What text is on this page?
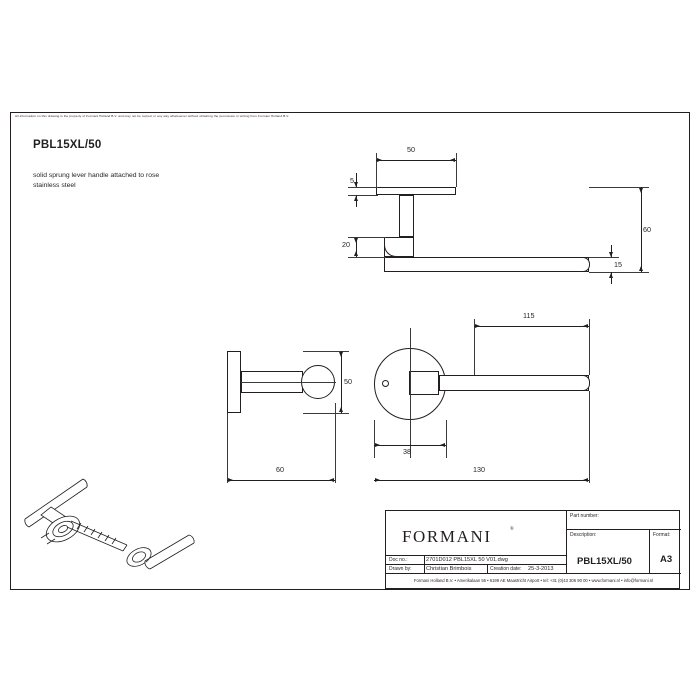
All information on this drawing is the property of Formani Holland B.V. and may not be copied, in any way whatsoever without obtaining the permission in writing from Formani Holland B.V.
PBL15XL/50
solid sprung lever handle attached to rose
stainless steel
50
5
20
60
15
50
115
38
60	130
FORMANI	®
Part number:
Description:
PBL15XL/50
Format:
A3
Doc no.:	2701D012 PBL15XL 50 V01.dwg
Drawn by:	Christian Brimbois	Creation date: 25-3-2013
Formani Holland B.V. • Amerikalaan 55 • 6199 AE Maastricht Airport • tel: +31 (0)43 306 90 00 • www.formani.nl • info@formani.nl
